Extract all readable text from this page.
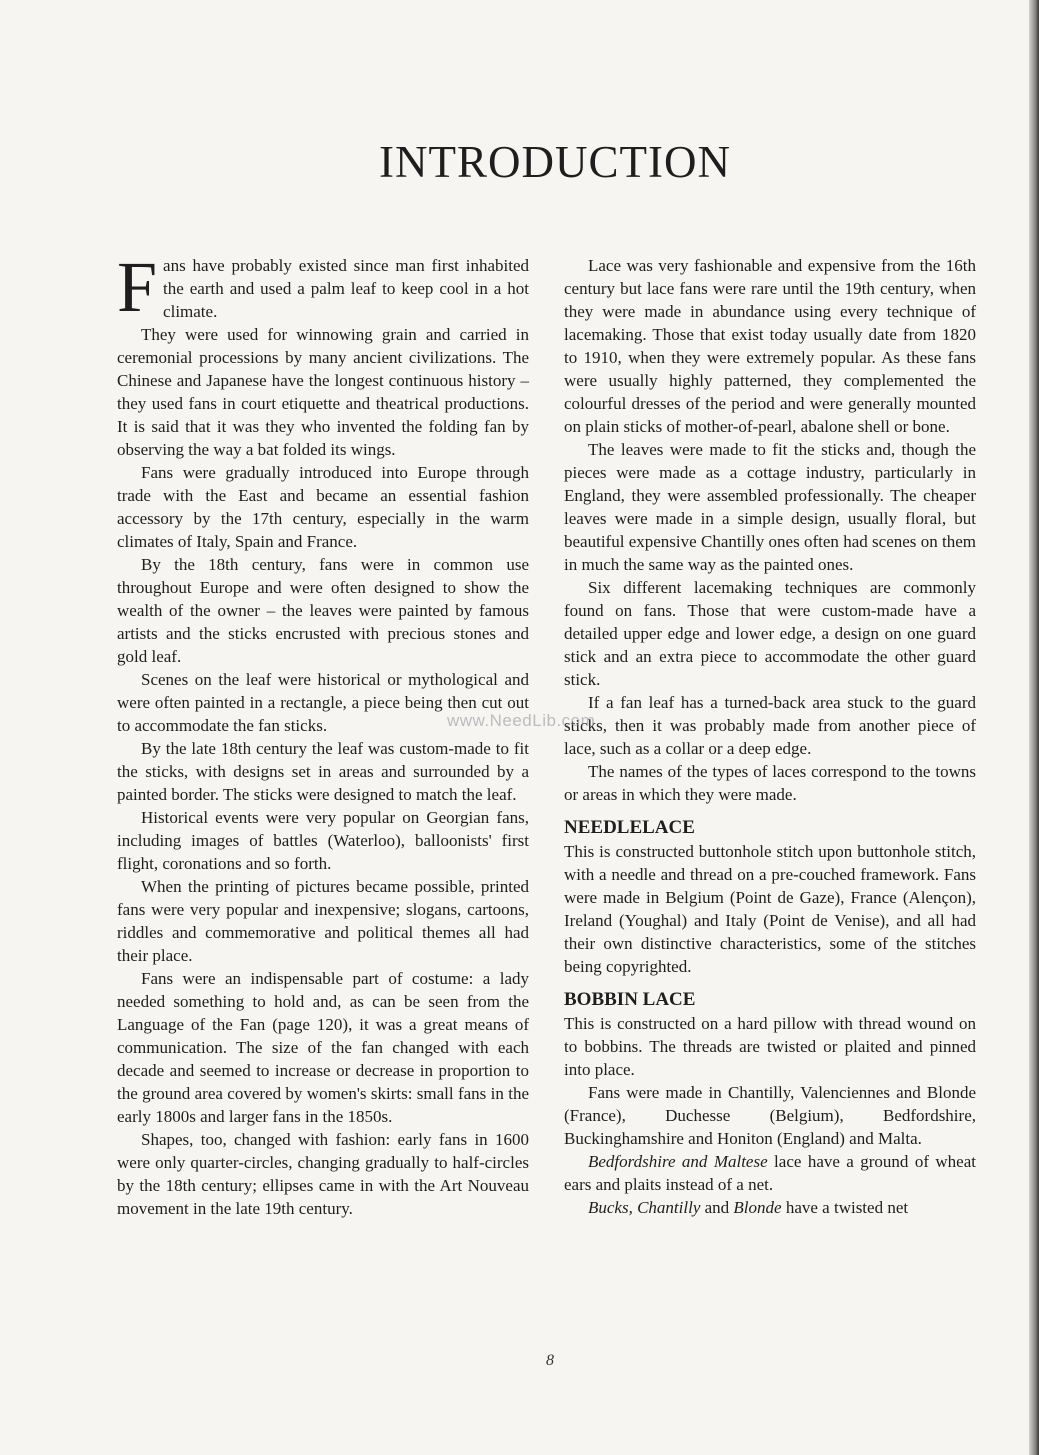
INTRODUCTION

Fans have probably existed since man first inhabited the earth and used a palm leaf to keep cool in a hot climate.

They were used for winnowing grain and carried in ceremonial processions by many ancient civilizations. The Chinese and Japanese have the longest continuous history – they used fans in court etiquette and theatrical productions. It is said that it was they who invented the folding fan by observing the way a bat folded its wings.

Fans were gradually introduced into Europe through trade with the East and became an essential fashion accessory by the 17th century, especially in the warm climates of Italy, Spain and France.

By the 18th century, fans were in common use throughout Europe and were often designed to show the wealth of the owner – the leaves were painted by famous artists and the sticks encrusted with precious stones and gold leaf.

Scenes on the leaf were historical or mythological and were often painted in a rectangle, a piece being then cut out to accommodate the fan sticks.

By the late 18th century the leaf was custom-made to fit the sticks, with designs set in areas and surrounded by a painted border. The sticks were designed to match the leaf.

Historical events were very popular on Georgian fans, including images of battles (Waterloo), balloonists' first flight, coronations and so forth.

When the printing of pictures became possible, printed fans were very popular and inexpensive; slogans, cartoons, riddles and commemorative and political themes all had their place.

Fans were an indispensable part of costume: a lady needed something to hold and, as can be seen from the Language of the Fan (page 120), it was a great means of communication. The size of the fan changed with each decade and seemed to increase or decrease in proportion to the ground area covered by women's skirts: small fans in the early 1800s and larger fans in the 1850s.

Shapes, too, changed with fashion: early fans in 1600 were only quarter-circles, changing gradually to half-circles by the 18th century; ellipses came in with the Art Nouveau movement in the late 19th century.

Lace was very fashionable and expensive from the 16th century but lace fans were rare until the 19th century, when they were made in abundance using every technique of lacemaking. Those that exist today usually date from 1820 to 1910, when they were extremely popular. As these fans were usually highly patterned, they complemented the colourful dresses of the period and were generally mounted on plain sticks of mother-of-pearl, abalone shell or bone.

The leaves were made to fit the sticks and, though the pieces were made as a cottage industry, particularly in England, they were assembled professionally. The cheaper leaves were made in a simple design, usually floral, but beautiful expensive Chantilly ones often had scenes on them in much the same way as the painted ones.

Six different lacemaking techniques are commonly found on fans. Those that were custom-made have a detailed upper edge and lower edge, a design on one guard stick and an extra piece to accommodate the other guard stick.

If a fan leaf has a turned-back area stuck to the guard sticks, then it was probably made from another piece of lace, such as a collar or a deep edge.

The names of the types of laces correspond to the towns or areas in which they were made.

NEEDLELACE

This is constructed buttonhole stitch upon buttonhole stitch, with a needle and thread on a pre-couched framework. Fans were made in Belgium (Point de Gaze), France (Alençon), Ireland (Youghal) and Italy (Point de Venise), and all had their own distinctive characteristics, some of the stitches being copyrighted.

BOBBIN LACE

This is constructed on a hard pillow with thread wound on to bobbins. The threads are twisted or plaited and pinned into place.

Fans were made in Chantilly, Valenciennes and Blonde (France), Duchesse (Belgium), Bedfordshire, Buckinghamshire and Honiton (England) and Malta.

Bedfordshire and Maltese lace have a ground of wheat ears and plaits instead of a net.

Bucks, Chantilly and Blonde have a twisted net

www.NeedLib.com
8
